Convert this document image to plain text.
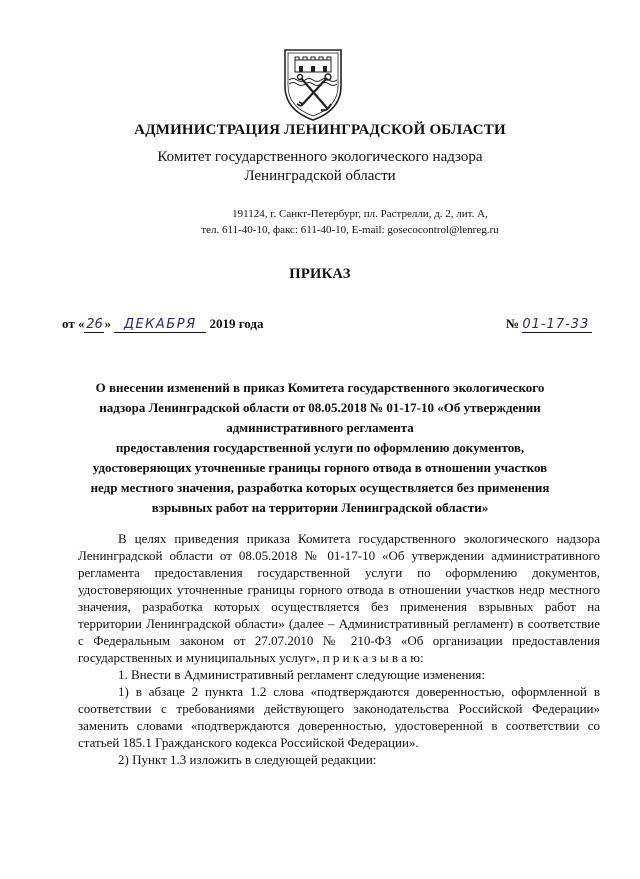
АДМИНИСТРАЦИЯ ЛЕНИНГРАДСКОЙ ОБЛАСТИ
Комитет государственного экологического надзора
Ленинградской области
191124, г. Санкт-Петербург, пл. Растрелли, д. 2, лит. А,
тел. 611-40-10, факс: 611-40-10, E-mail: gosecocontrol@lenreg.ru
ПРИКАЗ
от « 26 » ДЕКАБРЯ 2019 года	№ 01-17-33
О внесении изменений в приказ Комитета государственного экологического
надзора Ленинградской области от 08.05.2018 № 01-17-10 «Об утверждении
административного регламента
предоставления государственной услуги по оформлению документов,
удостоверяющих уточненные границы горного отвода в отношении участков
недр местного значения, разработка которых осуществляется без применения
взрывных работ на территории Ленинградской области»

В целях приведения приказа Комитета государственного экологического надзора Ленинградской области от 08.05.2018 № 01-17-10 «Об утверждении административного регламента предоставления государственной услуги по оформлению документов, удостоверяющих уточненные границы горного отвода в отношении участков недр местного значения, разработка которых осуществляется без применения взрывных работ на территории Ленинградской области» (далее – Административный регламент) в соответствие с Федеральным законом от 27.07.2010 № 210-ФЗ «Об организации предоставления государственных и муниципальных услуг», п р и к а з ы в а ю:

1. Внести в Административный регламент следующие изменения:

1) в абзаце 2 пункта 1.2 слова «подтверждаются доверенностью, оформленной в соответствии с требованиями действующего законодательства Российской Федерации» заменить словами «подтверждаются доверенностью, удостоверенной в соответствии со статьей 185.1 Гражданского кодекса Российской Федерации».

2) Пункт 1.3 изложить в следующей редакции:
